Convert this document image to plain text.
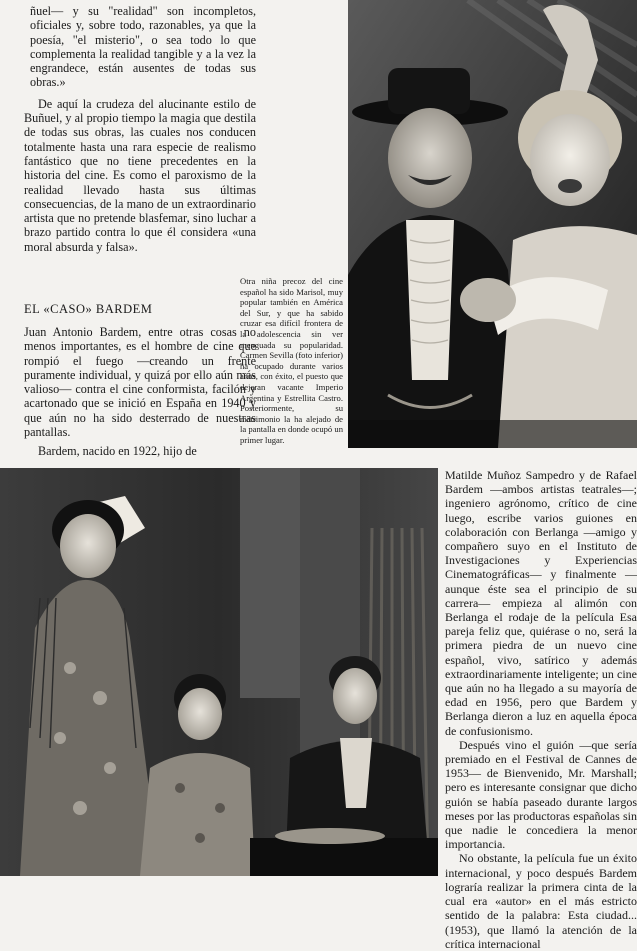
ñuel— y su "realidad" son incompletos, oficiales y, sobre todo, razonables, ya que la poesía, "el misterio", o sea todo lo que complementa la realidad tangible y a la vez la engrandece, están ausentes de todas sus obras.»

De aquí la crudeza del alucinante estilo de Buñuel, y al propio tiempo la magia que destila de todas sus obras, las cuales nos conducen totalmente hasta una rara especie de realismo fantástico que no tiene precedentes en la historia del cine. Es como el paroxismo de la realidad llevado hasta sus últimas consecuencias, de la mano de un extraordinario artista que no pretende blasfemar, sino luchar a brazo partido contra lo que él considera «una moral absurda y falsa».

EL «CASO» BARDEM

Juan Antonio Bardem, entre otras cosas no menos importantes, es el hombre de cine que rompió el fuego —creando un frente puramente individual, y quizá por ello aún más valioso— contra el cine conformista, facilón y acartonado que se inició en España en 1940 y que aún no ha sido desterrado de nuestras pantallas.

Bardem, nacido en 1922, hijo de

Otra niña precoz del cine español ha sido Marisol, muy popular también en América del Sur, y que ha sabido cruzar esa difícil frontera de la adolescencia sin ver menguada su popularidad. Carmen Sevilla (foto inferior) ha ocupado durante varios años, con éxito, el puesto que dejaran vacante Imperio Argentina y Estrellita Castro. Posteriormente, su matrimonio la ha alejado de la pantalla en donde ocupó un primer lugar.

Matilde Muñoz Sampedro y de Rafael Bardem —ambos artistas teatrales—; ingeniero agrónomo, crítico de cine luego, escribe varios guiones en colaboración con Berlanga —amigo y compañero suyo en el Instituto de Investigaciones y Experiencias Cinematográficas— y finalmente —aunque éste sea el principio de su carrera— empieza al alimón con Berlanga el rodaje de la película Esa pareja feliz que, quiérase o no, será la primera piedra de un nuevo cine español, vivo, satírico y además extraordinariamente inteligente; un cine que aún no ha llegado a su mayoría de edad en 1956, pero que Bardem y Berlanga dieron a luz en aquella época de confusionismo.

Después vino el guión —que sería premiado en el Festival de Cannes de 1953— de Bienvenido, Mr. Marshall; pero es interesante consignar que dicho guión se había paseado durante largos meses por las productoras españolas sin que nadie le concediera la menor importancia.

No obstante, la película fue un éxito internacional, y poco después Bardem lograría realizar la primera cinta de la cual era «autor» en el más estricto sentido de la palabra: Esta ciudad... (1953), que llamó la atención de la crítica internacional
